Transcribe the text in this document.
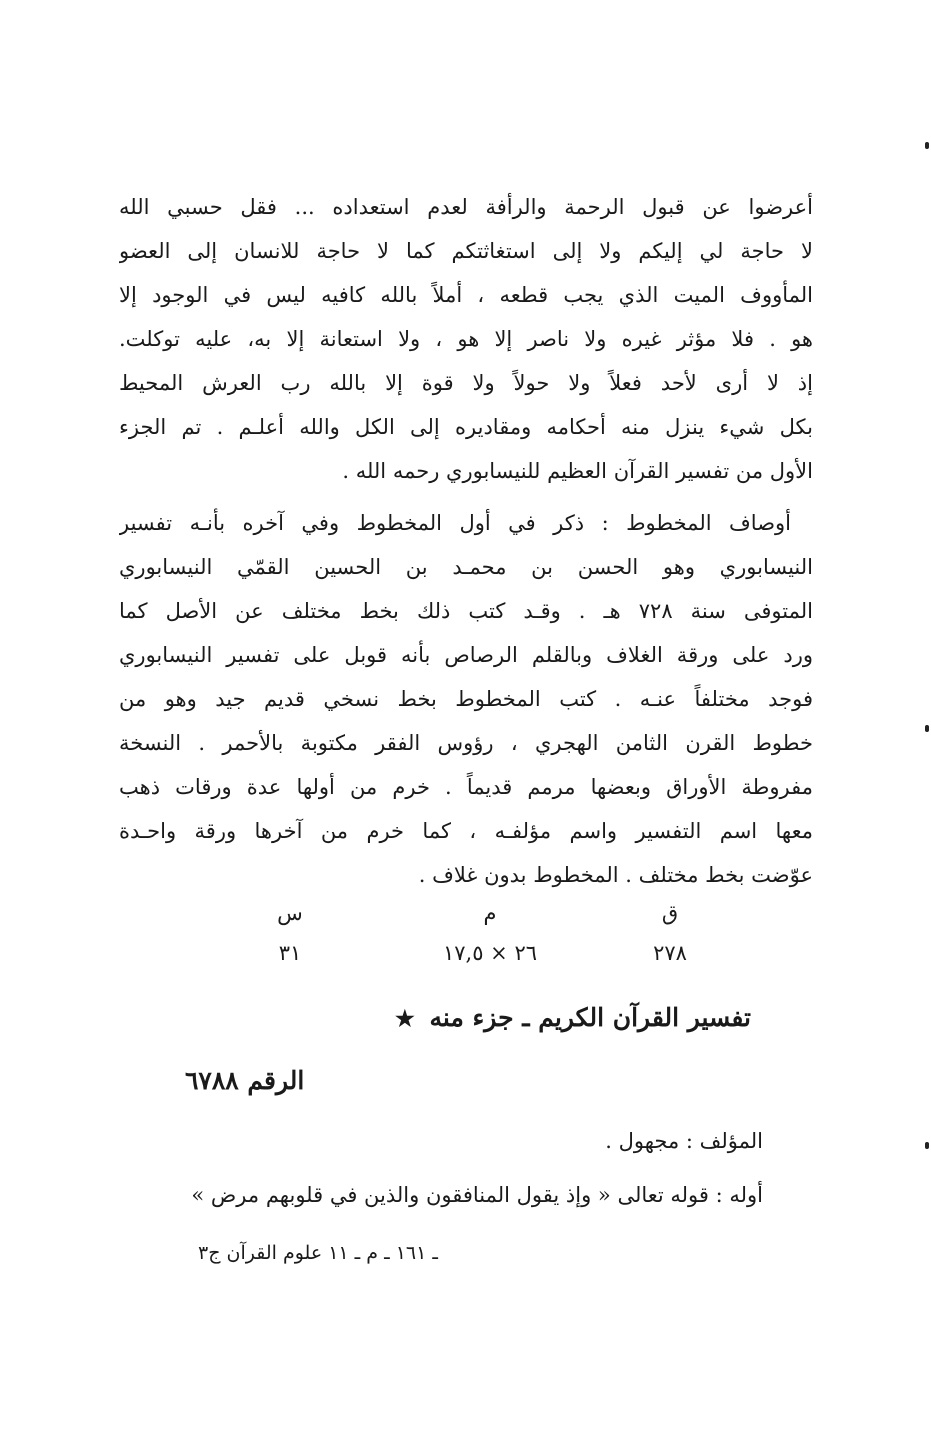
أعرضوا عن قبول الرحمة والرأفة لعدم استعداده ... فقل حسبي الله
لا حاجة لي إليكم ولا إلى استغاثتكم كما لا حاجة للانسان إلى العضو
المأووف الميت الذي يجب قطعه ، أملاً بالله كافيه ليس في الوجود إلا
هو . فلا مؤثر غيره ولا ناصر إلا هو ، ولا استعانة إلا به، عليه توكلت.
إذ لا أرى لأحد فعلاً ولا حولاً ولا قوة إلا بالله رب العرش المحيط
بكل شيء ينزل منه أحكامه ومقاديره إلى الكل والله أعلـم . تم الجزء
الأول من تفسير القرآن العظيم للنيسابوري رحمه الله .
أوصاف المخطوط : ذكر في أول المخطوط وفي آخره بأنـه تفسير
النيسابوري وهو الحسن بن محمـد بن الحسين القمّي النيسابوري
المتوفى سنة ٧٢٨ هـ . وقـد كتب ذلك بخط مختلف عن الأصل كما
ورد على ورقة الغلاف وبالقلم الرصاص بأنه قوبل على تفسير النيسابوري
فوجد مختلفاً عنـه . كتب المخطوط بخط نسخي قديم جيد وهو من
خطوط القرن الثامن الهجري ، رؤوس الفقر مكتوبة بالأحمر . النسخة
مفروطة الأوراق وبعضها مرمم قديماً . خرم من أولها عدة ورقات ذهب
معها اسم التفسير واسم مؤلفـه ، كما خرم من آخرها ورقة واحـدة
عوّضت بخط مختلف . المخطوط بدون غلاف .
ق
م
س
٢٧٨
٢٦ × ١٧,٥
٣١
تفسير القرآن الكريم ـ جزء منه ★
الرقم ٦٧٨٨
المؤلف : مجهول .
أوله : قوله تعالى « وإذ يقول المنافقون والذين في قلوبهم مرض »
ـ ١٦١ ـ م ـ ١١ علوم القرآن ج٣
